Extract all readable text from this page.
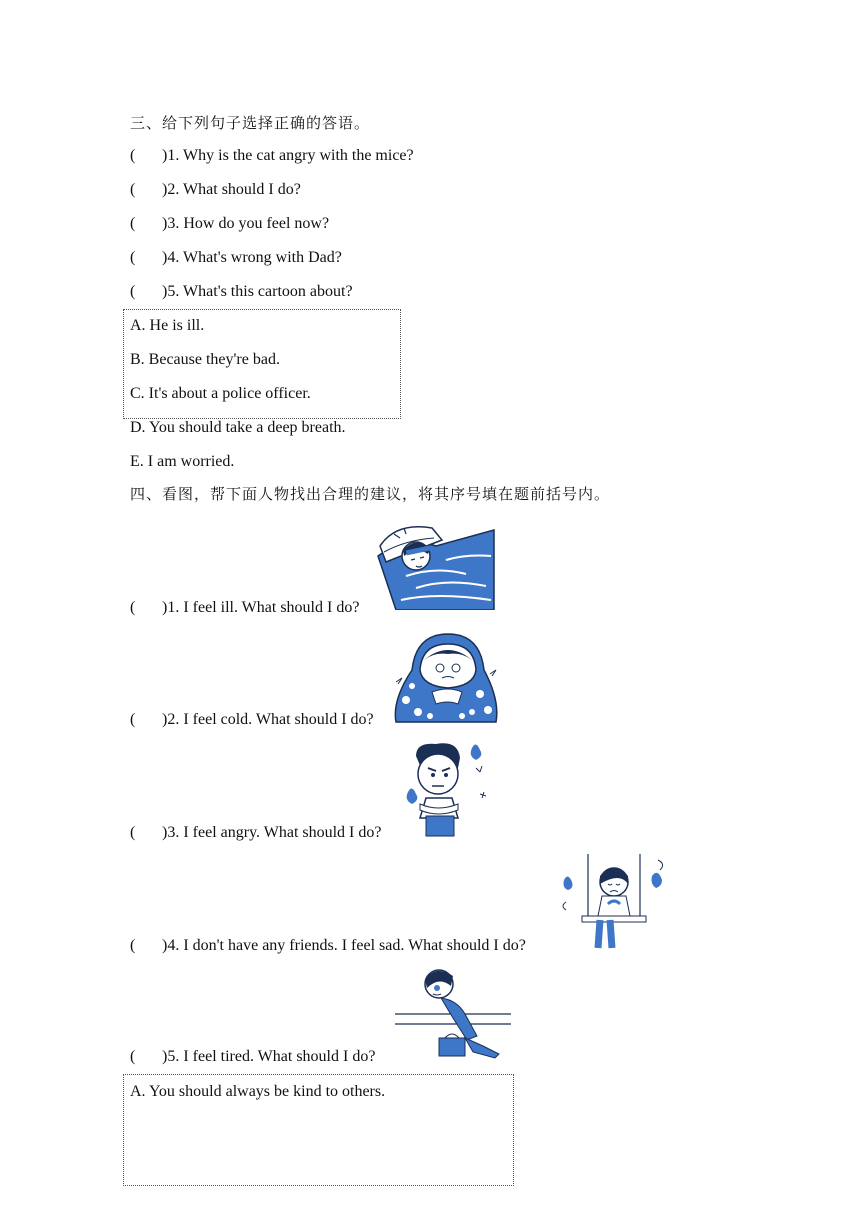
三、给下列句子选择正确的答语。
( )1. Why is the cat angry with the mice?
( )2. What should I do?
( )3. How do you feel now?
( )4. What's wrong with Dad?
( )5. What's this cartoon about?
A. He is ill.
B. Because they're bad.
C. It's about a police officer.
D. You should take a deep breath.
E. I am worried.
四、看图，帮下面人物找出合理的建议，将其序号填在题前括号内。
( )1. I feel ill. What should I do?
( )2. I feel cold. What should I do?
( )3. I feel angry. What should I do?
( )4. I don't have any friends. I feel sad. What should I do?
( )5. I feel tired. What should I do?
A. You should always be kind to others.
